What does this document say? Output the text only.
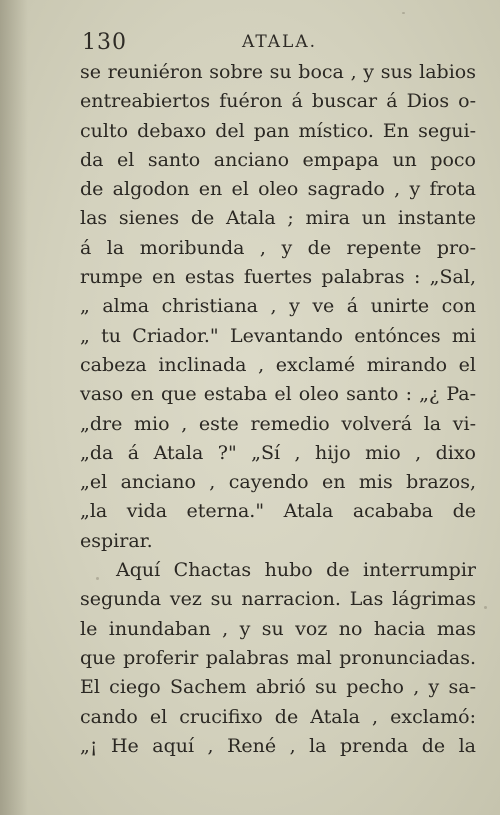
130	ATALA.
se reuniéron sobre su boca , y sus labios
entreabiertos fuéron á buscar á Dios o-
culto debaxo del pan místico. En segui-
da el santo anciano empapa un poco
de algodon en el oleo sagrado , y frota
las sienes de Atala ; mira un instante
á la moribunda , y de repente pro-
rumpe en estas fuertes palabras : „Sal,
„ alma christiana , y ve á unirte con
„ tu Criador." Levantando entónces mi
cabeza inclinada , exclamé mirando el
vaso en que estaba el oleo santo : „¿ Pa-
„dre mio , este remedio volverá la vi-
„da á Atala ?" „Sí , hijo mio , dixo
„el anciano , cayendo en mis brazos,
„la vida eterna." Atala acababa de
espirar.
Aquí Chactas hubo de interrumpir
segunda vez su narracion. Las lágrimas
le inundaban , y su voz no hacia mas
que proferir palabras mal pronunciadas.
El ciego Sachem abrió su pecho , y sa-
cando el crucifixo de Atala , exclamó:
„¡ He aquí , René , la prenda de la
